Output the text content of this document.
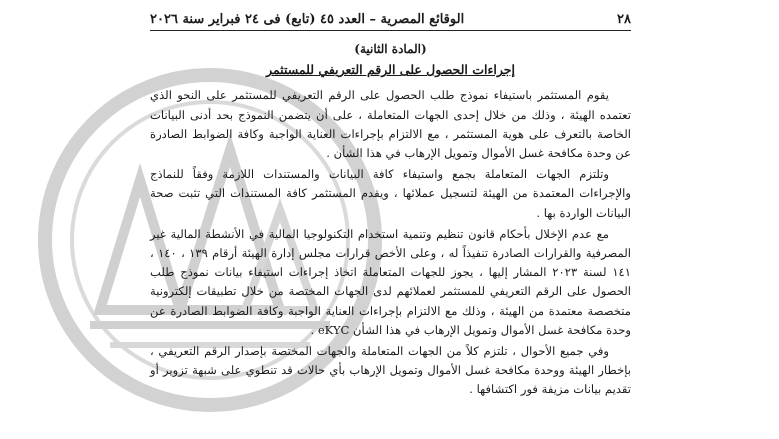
٢٨
الوقائع المصرية – العدد ٤٥ (تابع) فى ٢٤ فبراير سنة ٢٠٢٦
(المادة الثانية)
إجراءات الحصول على الرقم التعريفي للمستثمر

يقوم المستثمر باستيفاء نموذج طلب الحصول على الرقم التعريفي للمستثمر على النحو الذي تعتمده الهيئة ، وذلك من خلال إحدى الجهات المتعاملة ، على أن يتضمن النموذج بحد أدنى البيانات الخاصة بالتعرف على هوية المستثمر ، مع الالتزام بإجراءات العناية الواجبة وكافة الضوابط الصادرة عن وحدة مكافحة غسل الأموال وتمويل الإرهاب في هذا الشأن .

وتلتزم الجهات المتعاملة بجمع واستيفاء كافة البيانات والمستندات اللازمة وفقاً للنماذج والإجراءات المعتمدة من الهيئة لتسجيل عملائها ، ويقدم المستثمر كافة المستندات التي تثبت صحة البيانات الواردة بها .

مع عدم الإخلال بأحكام قانون تنظيم وتنمية استخدام التكنولوجيا المالية في الأنشطة المالية غير المصرفية والقرارات الصادرة تنفيذاً له ، وعلى الأخص قرارات مجلس إدارة الهيئة أرقام ١٣٩ ، ١٤٠ ، ١٤١ لسنة ٢٠٢٣ المشار إليها ، يجوز للجهات المتعاملة اتخاذ إجراءات استيفاء بيانات نموذج طلب الحصول على الرقم التعريفي للمستثمر لعملائهم لدى الجهات المختصة من خلال تطبيقات إلكترونية متخصصة معتمدة من الهيئة ، وذلك مع الالتزام بإجراءات العناية الواجبة وكافة الضوابط الصادرة عن وحدة مكافحة غسل الأموال وتمويل الإرهاب في هذا الشأن eKYC .

وفي جميع الأحوال ، تلتزم كلاً من الجهات المتعاملة والجهات المختصة بإصدار الرقم التعريفي ، بإخطار الهيئة ووحدة مكافحة غسل الأموال وتمويل الإرهاب بأي حالات قد تنطوي على شبهة تزوير أو تقديم بيانات مزيفة فور اكتشافها .
